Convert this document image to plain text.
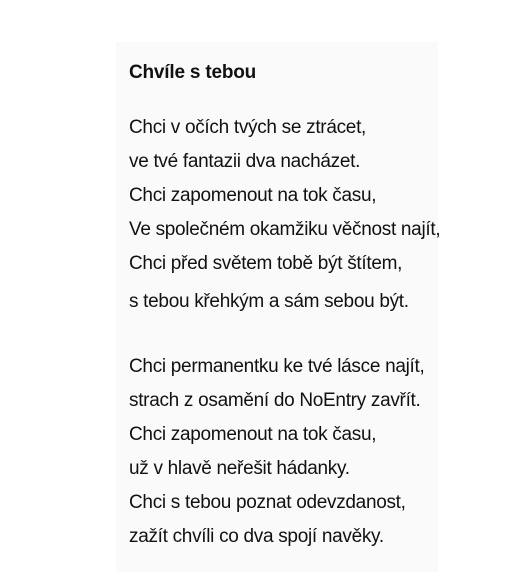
Chvíle s tebou
Chci v očích tvých se ztrácet,
ve tvé fantazii dva nacházet.
Chci zapomenout na tok času,
Ve společném okamžiku věčnost najít,
Chci před světem tobě být štítem,
s tebou křehkým a sám sebou být.
Chci permanentku ke tvé lásce najít,
strach z osamění do NoEntry zavřít.
Chci zapomenout na tok času,
už v hlavě neřešit hádanky.
Chci s tebou poznat odevzdanost,
zažít chvíli co dva spojí navěky.
